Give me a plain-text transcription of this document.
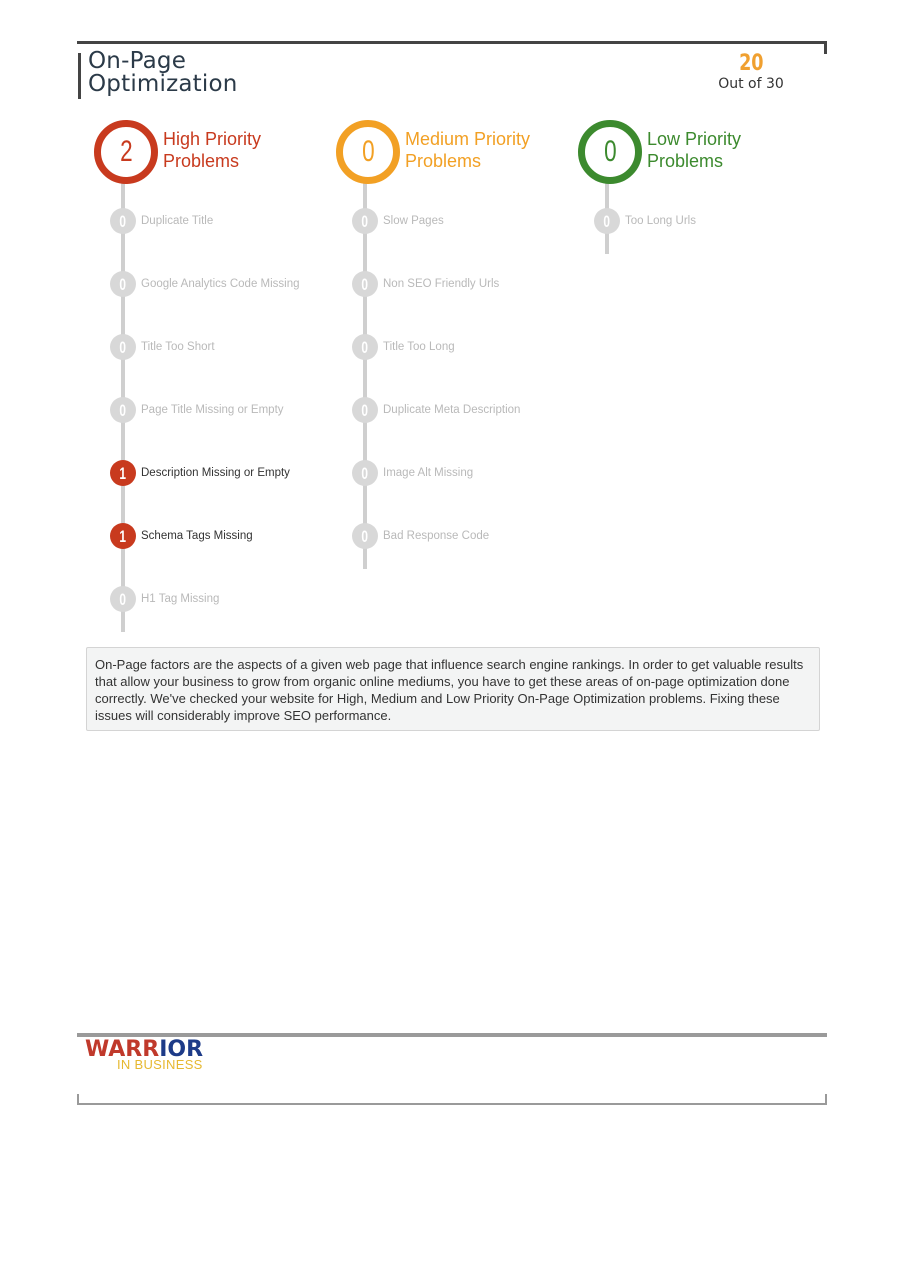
On-Page Optimization
20
Out of 30
2 High Priority Problems
0 Duplicate Title
0 Google Analytics Code Missing
0 Title Too Short
0 Page Title Missing or Empty
1 Description Missing or Empty
1 Schema Tags Missing
0 H1 Tag Missing
0 Medium Priority Problems
0 Slow Pages
0 Non SEO Friendly Urls
0 Title Too Long
0 Duplicate Meta Description
0 Image Alt Missing
0 Bad Response Code
0 Low Priority Problems
0 Too Long Urls
On-Page factors are the aspects of a given web page that influence search engine rankings. In order to get valuable results that allow your business to grow from organic online mediums, you have to get these areas of on-page optimization done correctly. We've checked your website for High, Medium and Low Priority On-Page Optimization problems. Fixing these issues will considerably improve SEO performance.
WARRIOR
IN BUSINESS
